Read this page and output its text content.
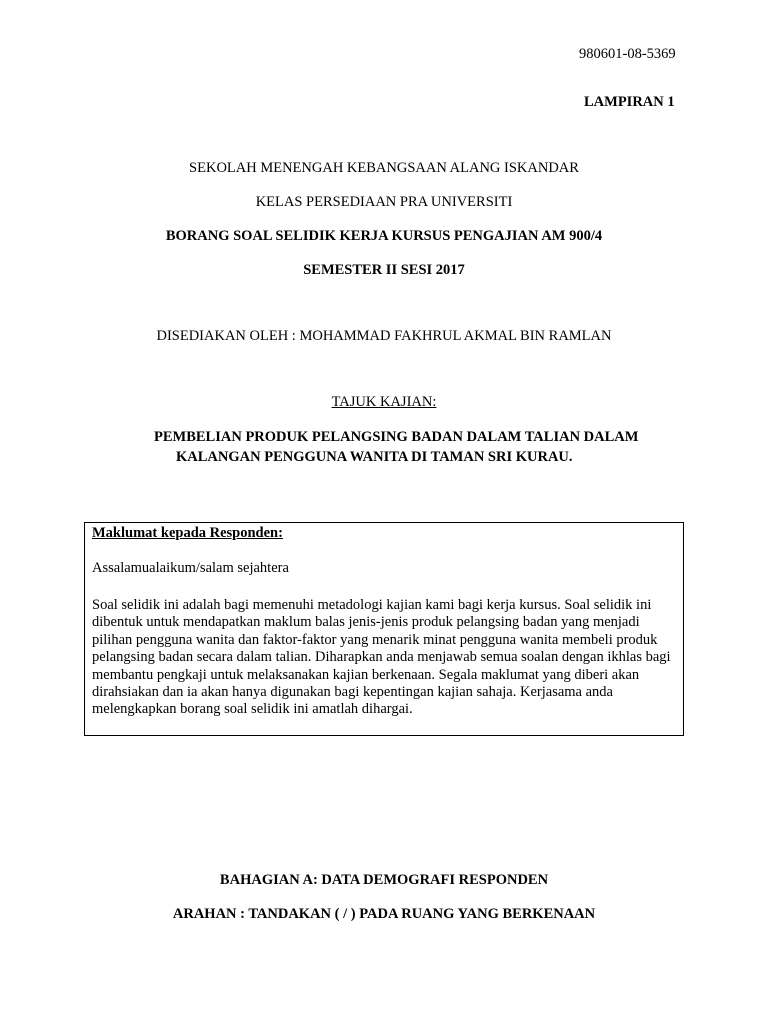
980601-08-5369
LAMPIRAN 1
SEKOLAH MENENGAH KEBANGSAAN ALANG ISKANDAR
KELAS PERSEDIAAN PRA UNIVERSITI
BORANG SOAL SELIDIK KERJA KURSUS PENGAJIAN AM 900/4
SEMESTER II SESI 2017
DISEDIAKAN OLEH : MOHAMMAD FAKHRUL AKMAL BIN RAMLAN
TAJUK KAJIAN:
PEMBELIAN PRODUK PELANGSING BADAN DALAM TALIAN DALAM
KALANGAN PENGGUNA WANITA DI TAMAN SRI KURAU.
Maklumat kepada Responden:
Assalamualaikum/salam sejahtera
Soal selidik ini adalah bagi memenuhi metadologi kajian kami bagi kerja kursus. Soal selidik ini dibentuk untuk mendapatkan maklum balas jenis-jenis produk pelangsing badan yang menjadi pilihan pengguna wanita dan faktor-faktor yang menarik minat pengguna wanita membeli produk pelangsing badan secara dalam talian. Diharapkan anda menjawab semua soalan dengan ikhlas bagi membantu pengkaji untuk melaksanakan kajian berkenaan. Segala maklumat yang diberi akan dirahsiakan dan ia akan hanya digunakan bagi kepentingan kajian sahaja. Kerjasama anda melengkapkan borang soal selidik ini amatlah dihargai.
BAHAGIAN A: DATA DEMOGRAFI RESPONDEN
ARAHAN : TANDAKAN ( / ) PADA RUANG YANG BERKENAAN
